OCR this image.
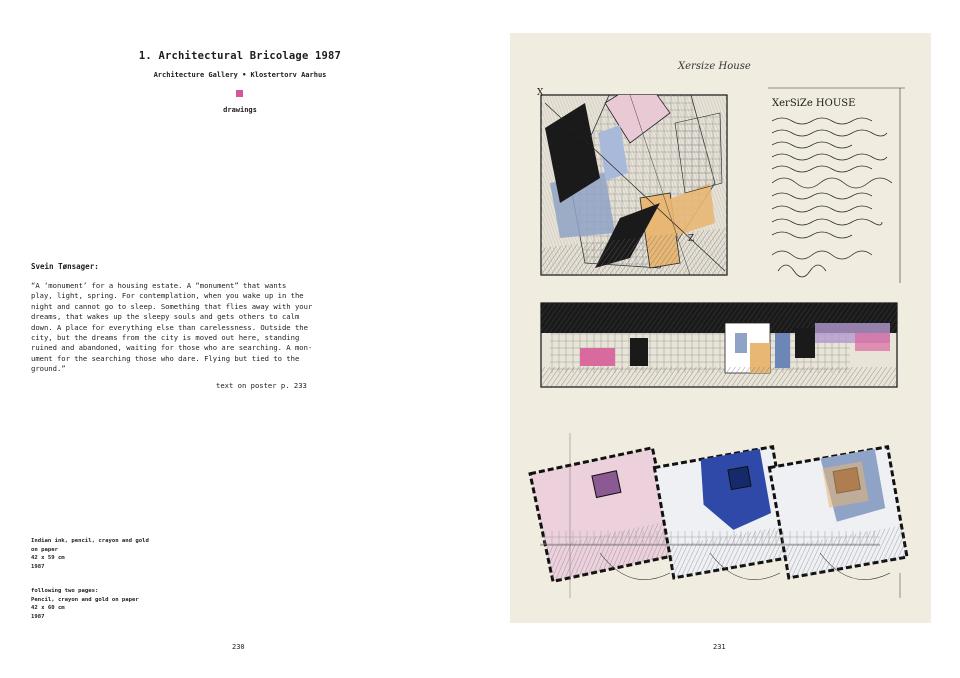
1. Architectural Bricolage 1987
Architecture Gallery • Klostertorv Aarhus
drawings
Svein Tønsager:
“A ‘monument’ for a housing estate. A “monument” that wants
play, light, spring. For contemplation, when you wake up in the
night and cannot go to sleep. Something that flies away with your
dreams, that wakes up the sleepy souls and gets others to calm
down. A place for everything else than carelessness. Outside the
city, but the dreams from the city is moved out here, standing
ruined and abandoned, waiting for those who are searching. A mon-
ument for the searching those who dare. Flying but tied to the
ground.”
text on poster p. 233
Indian ink, pencil, crayon and gold
on paper
42 x 59 cm
1987
following two pages:
Pencil, crayon and gold on paper
42 x 60 cm
1987
230	231
Xersize House
X
Z
XerSiZe HOUSE
